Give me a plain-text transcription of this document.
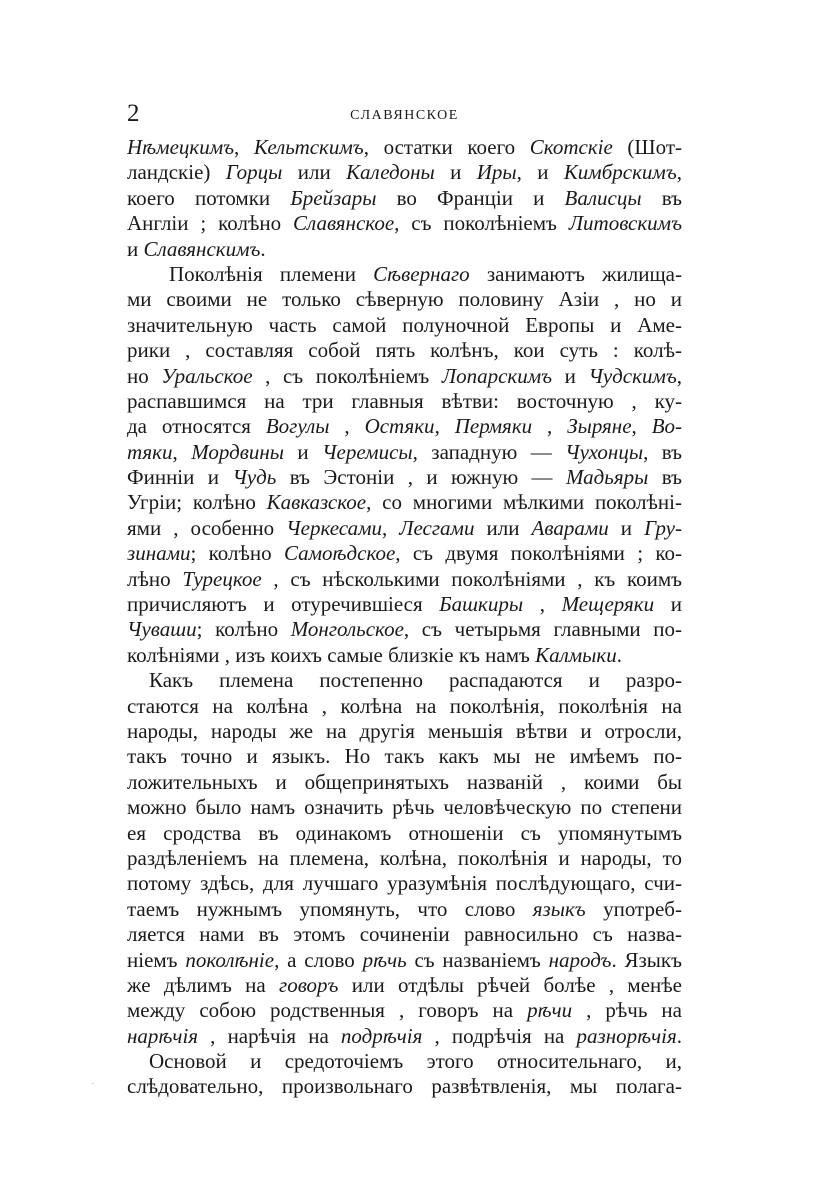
2	СЛАВЯНСКОЕ
Нѣмецкимъ, Кельтскимъ, остатки коего Скотскіе (Шот-
ландскіе) Горцы или Каледоны и Иры, и Кимбрскимъ,
коего потомки Брейзары во Франціи и Валисцы въ
Англіи ; колѣно Славянское, съ поколѣніемъ Литовскимъ
и Славянскимъ.
Поколѣнія племени Сѣвернаго занимаютъ жилища-
ми своими не только сѣверную половину Азіи , но и
значительную часть самой полуночной Европы и Аме-
рики , составляя собой пять колѣнъ, кои суть : колѣ-
но Уральское , съ поколѣніемъ Лопарскимъ и Чудскимъ,
распавшимся на три главныя вѣтви: восточную , ку-
да относятся Вогулы , Остяки, Пермяки , Зыряне, Во-
тяки, Мордвины и Черемисы, западную — Чухонцы, въ
Финніи и Чудь въ Эстоніи , и южную — Мадьяры въ
Угріи; колѣно Кавказское, со многими мѣлкими поколѣні-
ями , особенно Черкесами, Лесгами или Аварами и Гру-
зинами; колѣно Самоѣдское, съ двумя поколѣніями ; ко-
лѣно Турецкое , съ нѣсколькими поколѣніями , къ коимъ
причисляютъ и отуречившіеся Башкиры , Мещеряки и
Чуваши; колѣно Монгольское, съ четырьмя главными по-
колѣніями , изъ коихъ самые близкіе къ намъ Калмыки.
Какъ племена постепенно распадаются и разро-
стаются на колѣна , колѣна на поколѣнія, поколѣнія на
народы, народы же на другія меньшія вѣтви и отросли,
такъ точно и языкъ. Но такъ какъ мы не имѣемъ по-
ложительныхъ и общепринятыхъ названій , коими бы
можно было намъ означить рѣчь человѣческую по степени
ея сродства въ одинакомъ отношеніи съ упомянутымъ
раздѣленіемъ на племена, колѣна, поколѣнія и народы, то
потому здѣсь, для лучшаго уразумѣнія послѣдующаго, счи-
таемъ нужнымъ упомянуть, что слово языкъ употреб-
ляется нами въ этомъ сочиненіи равносильно съ назва-
ніемъ поколѣніе, а слово рѣчь съ названіемъ народъ. Языкъ
же дѣлимъ на говоръ или отдѣлы рѣчей болѣе , менѣе
между собою родственныя , говоръ на рѣчи , рѣчь на
нарѣчія , нарѣчія на подрѣчія , подрѣчія на разнорѣчія.
Основой и средоточіемъ этого относительнаго, и,
слѣдовательно, произвольнаго развѣтвленія, мы полага-
.
